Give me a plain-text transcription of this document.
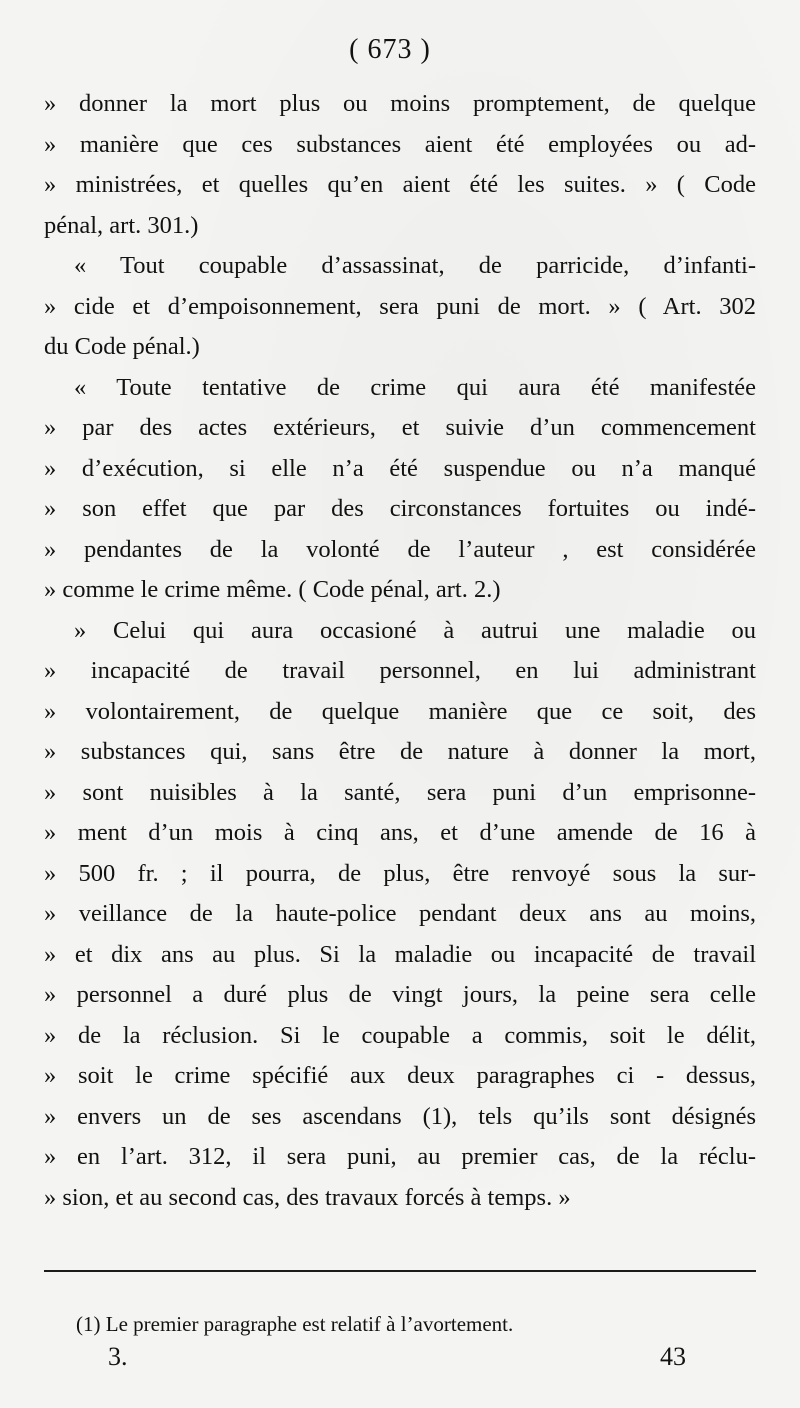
( 673 )
» donner la mort plus ou moins promptement, de quelque
» manière que ces substances aient été employées ou ad-
» ministrées, et quelles qu’en aient été les suites. » ( Code
pénal, art. 301.)
« Tout coupable d’assassinat, de parricide, d’infanti-
» cide et d’empoisonnement, sera puni de mort. » ( Art. 302
du Code pénal.)
« Toute tentative de crime qui aura été manifestée
» par des actes extérieurs, et suivie d’un commencement
» d’exécution, si elle n’a été suspendue ou n’a manqué
» son effet que par des circonstances fortuites ou indé-
» pendantes de la volonté de l’auteur , est considérée
» comme le crime même. ( Code pénal, art. 2.)
» Celui qui aura occasioné à autrui une maladie ou
» incapacité de travail personnel, en lui administrant
» volontairement, de quelque manière que ce soit, des
» substances qui, sans être de nature à donner la mort,
» sont nuisibles à la santé, sera puni d’un emprisonne-
» ment d’un mois à cinq ans, et d’une amende de 16 à
» 500 fr. ; il pourra, de plus, être renvoyé sous la sur-
» veillance de la haute-police pendant deux ans au moins,
» et dix ans au plus. Si la maladie ou incapacité de travail
» personnel a duré plus de vingt jours, la peine sera celle
» de la réclusion. Si le coupable a commis, soit le délit,
» soit le crime spécifié aux deux paragraphes ci - dessus,
» envers un de ses ascendans (1), tels qu’ils sont désignés
» en l’art. 312, il sera puni, au premier cas, de la réclu-
» sion, et au second cas, des travaux forcés à temps. »
(1) Le premier paragraphe est relatif à l’avortement.
3.	43
